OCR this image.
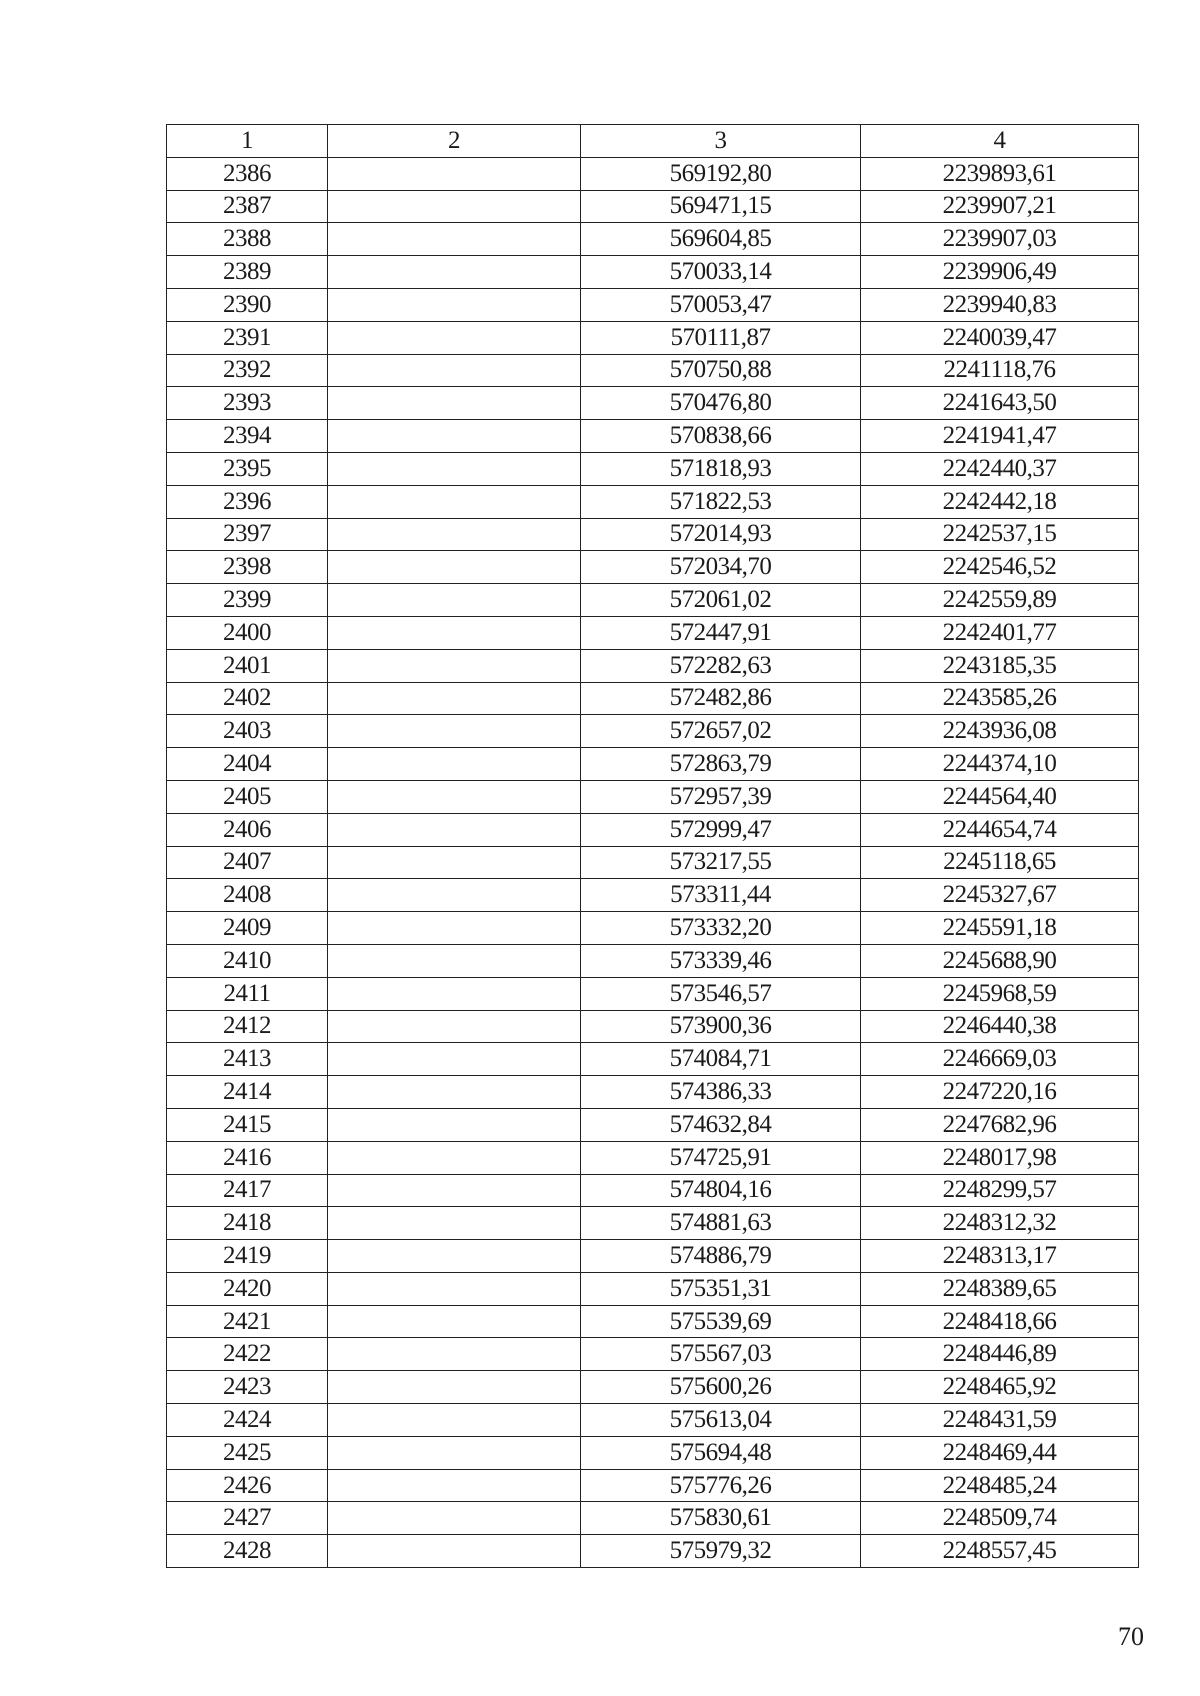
1	2	3	4
2386		569192,80	2239893,61
2387		569471,15	2239907,21
2388		569604,85	2239907,03
2389		570033,14	2239906,49
2390		570053,47	2239940,83
2391		570111,87	2240039,47
2392		570750,88	2241118,76
2393		570476,80	2241643,50
2394		570838,66	2241941,47
2395		571818,93	2242440,37
2396		571822,53	2242442,18
2397		572014,93	2242537,15
2398		572034,70	2242546,52
2399		572061,02	2242559,89
2400		572447,91	2242401,77
2401		572282,63	2243185,35
2402		572482,86	2243585,26
2403		572657,02	2243936,08
2404		572863,79	2244374,10
2405		572957,39	2244564,40
2406		572999,47	2244654,74
2407		573217,55	2245118,65
2408		573311,44	2245327,67
2409		573332,20	2245591,18
2410		573339,46	2245688,90
2411		573546,57	2245968,59
2412		573900,36	2246440,38
2413		574084,71	2246669,03
2414		574386,33	2247220,16
2415		574632,84	2247682,96
2416		574725,91	2248017,98
2417		574804,16	2248299,57
2418		574881,63	2248312,32
2419		574886,79	2248313,17
2420		575351,31	2248389,65
2421		575539,69	2248418,66
2422		575567,03	2248446,89
2423		575600,26	2248465,92
2424		575613,04	2248431,59
2425		575694,48	2248469,44
2426		575776,26	2248485,24
2427		575830,61	2248509,74
2428		575979,32	2248557,45
70
